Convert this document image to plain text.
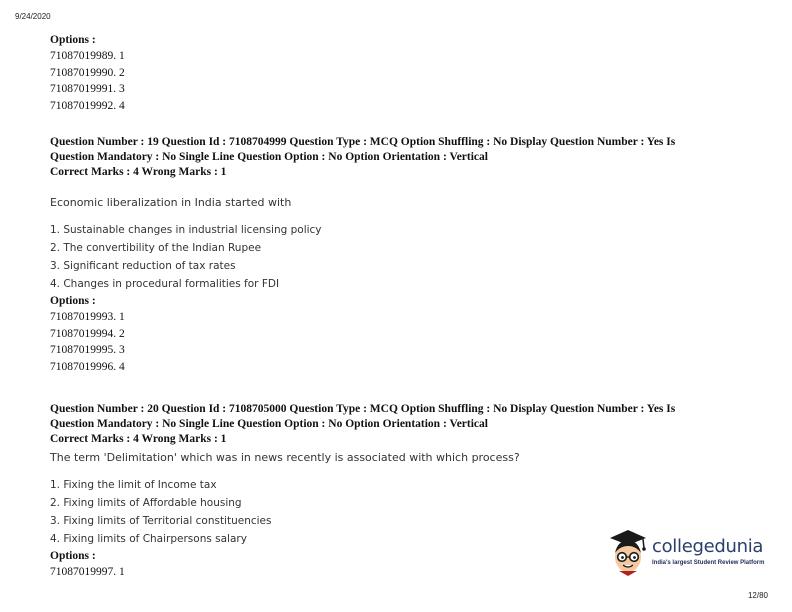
9/24/2020
Options :
71087019989. 1
71087019990. 2
71087019991. 3
71087019992. 4
Question Number : 19 Question Id : 7108704999 Question Type : MCQ Option Shuffling : No Display Question Number : Yes Is
Question Mandatory : No Single Line Question Option : No Option Orientation : Vertical
Correct Marks : 4 Wrong Marks : 1
Economic liberalization in India started with
1. Sustainable changes in industrial licensing policy
2. The convertibility of the Indian Rupee
3. Significant reduction of tax rates
4. Changes in procedural formalities for FDI
Options :
71087019993. 1
71087019994. 2
71087019995. 3
71087019996. 4
Question Number : 20 Question Id : 7108705000 Question Type : MCQ Option Shuffling : No Display Question Number : Yes Is
Question Mandatory : No Single Line Question Option : No Option Orientation : Vertical
Correct Marks : 4 Wrong Marks : 1
The term 'Delimitation' which was in news recently is associated with which process?
1. Fixing the limit of Income tax
2. Fixing limits of Affordable housing
3. Fixing limits of Territorial constituencies
4. Fixing limits of Chairpersons salary
Options :
71087019997. 1
collegedunia
India's largest Student Review Platform
12/80
